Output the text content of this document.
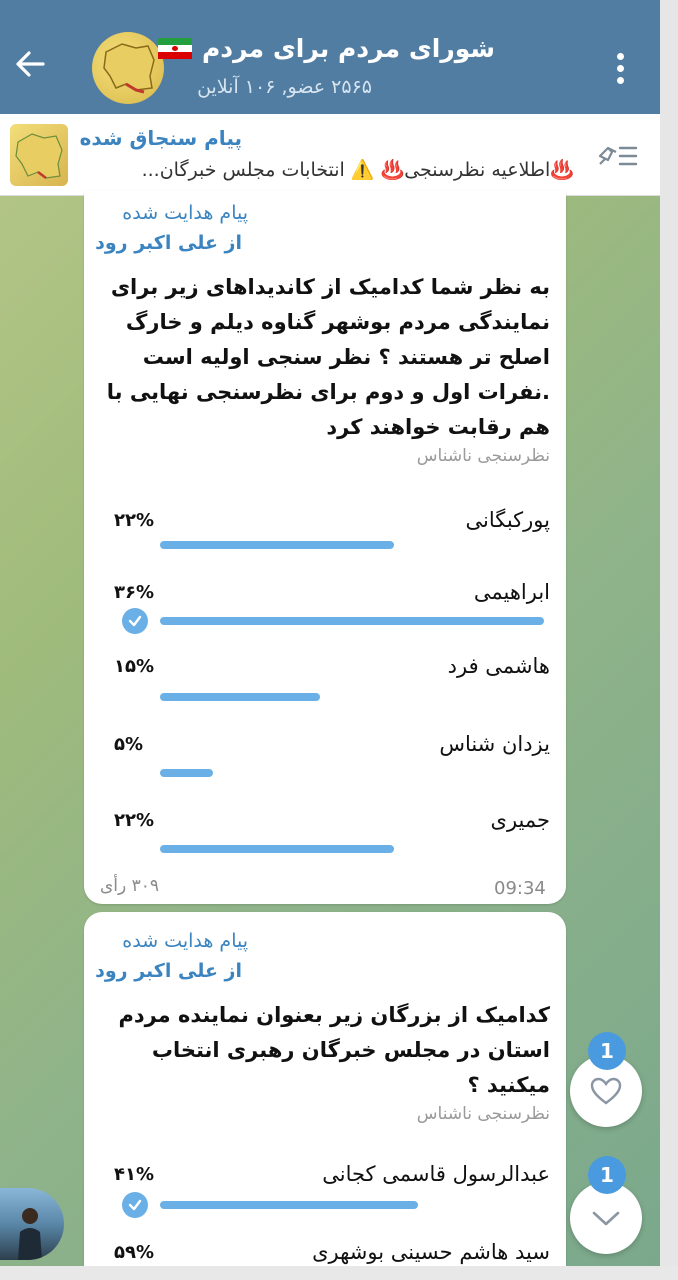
شورای مردم برای مردم
۲۵۶۵ عضو, ۱۰۶ آنلاین
پیام سنجاق شده
♨️اطلاعیه نظرسنجی♨️ ⚠️ انتخابات مجلس خبرگان...
پیام هدایت شده
از علی اکبر رود
به نظر شما کدامیک از کاندیداهای زیر برای نمایندگی مردم بوشهر گناوه دیلم و خارگ اصلح تر هستند ؟ نظر سنجی اولیه است .نفرات اول و دوم برای نظرسنجی نهایی با هم رقابت خواهند کرد
نظرسنجی ناشناس
پورکبگانی
۲۲%
ابراهیمی
۳۶%
هاشمی فرد
۱۵%
یزدان شناس
۵%
جمیری
۲۲%
۳۰۹ رأی	09:34
پیام هدایت شده
از علی اکبر رود
کدامیک از بزرگان زیر بعنوان نماینده مردم استان در مجلس خبرگان رهبری انتخاب میکنید ؟
نظرسنجی ناشناس
عبدالرسول قاسمی کجانی
۴۱%
سید هاشم حسینی بوشهری
۵۹%
1
1
